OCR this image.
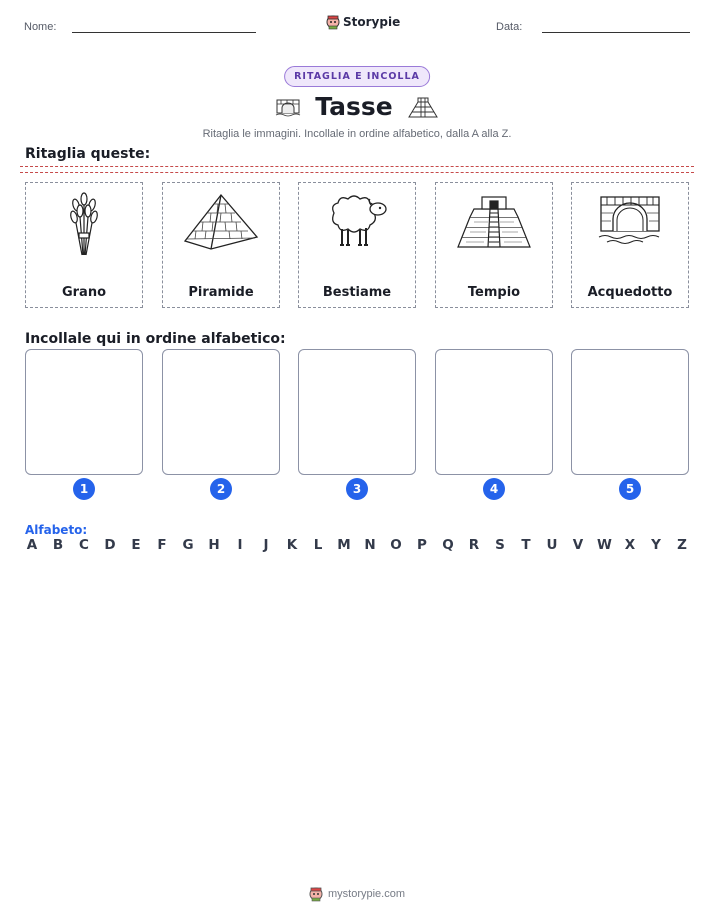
Nome:	Storypie	Data:
RITAGLIA E INCOLLA
Tasse
Ritaglia le immagini. Incollale in ordine alfabetico, dalla A alla Z.
Ritaglia queste:
Grano	Piramide	Bestiame	Tempio	Acquedotto
Incollale qui in ordine alfabetico:
1	2	3	4	5
Alfabeto:
A B C D E F G H	I	J	K L M N O P Q R S T U V W X Y Z
mystorypie.com
